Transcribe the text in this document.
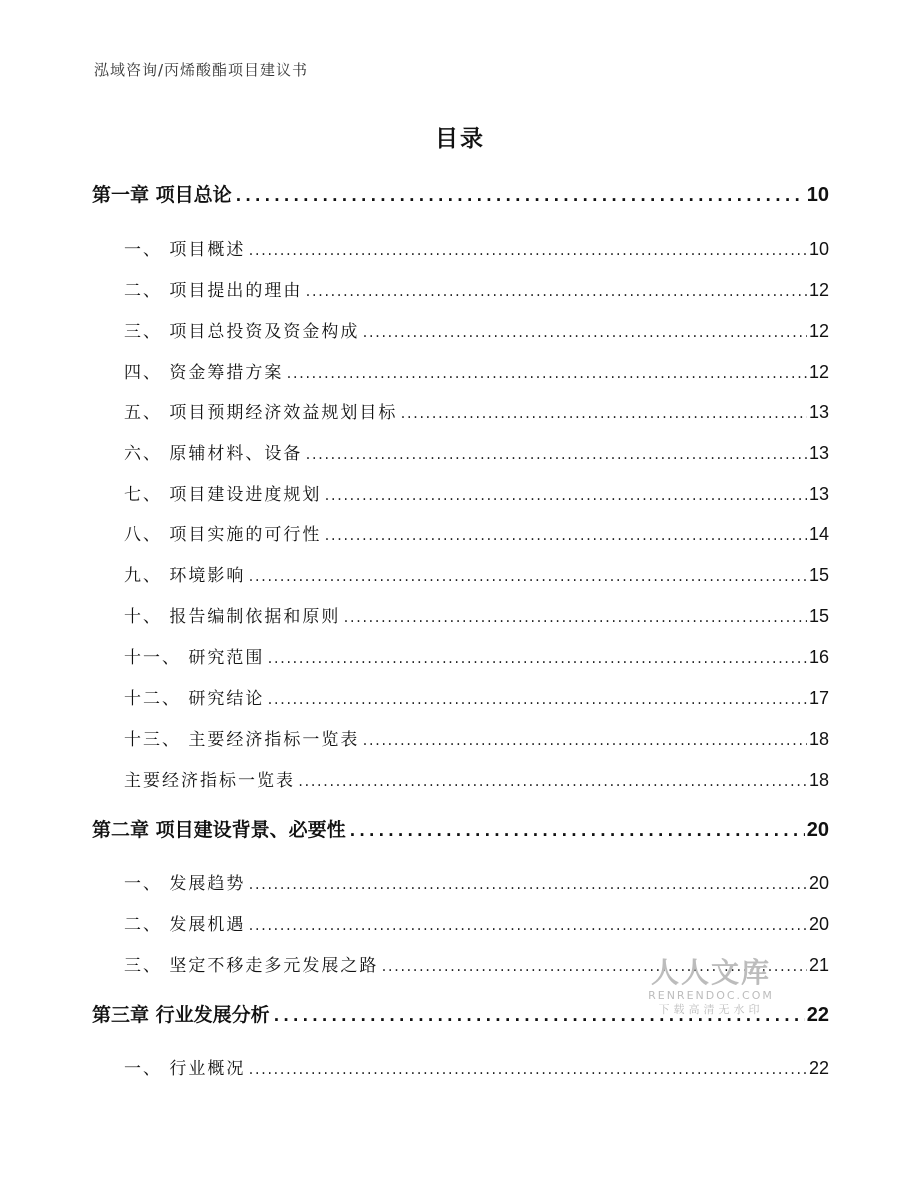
泓域咨询/丙烯酸酯项目建议书
目录
第一章 项目总论 .....	10
一、 项目概述 .....	10
二、 项目提出的理由 .....	12
三、 项目总投资及资金构成 .....	12
四、 资金筹措方案 .....	12
五、 项目预期经济效益规划目标 .....	13
六、 原辅材料、设备 .....	13
七、 项目建设进度规划 .....	13
八、 项目实施的可行性 .....	14
九、 环境影响 .....	15
十、 报告编制依据和原则 .....	15
十一、 研究范围 .....	16
十二、 研究结论 .....	17
十三、 主要经济指标一览表 .....	18
主要经济指标一览表 .....	18
第二章 项目建设背景、必要性 .....	20
一、 发展趋势 .....	20
二、 发展机遇 .....	20
三、 坚定不移走多元发展之路 .....	21
第三章 行业发展分析 .....	22
一、 行业概况 .....	22
人人文库
RENRENDOC.COM
下载高清无水印
